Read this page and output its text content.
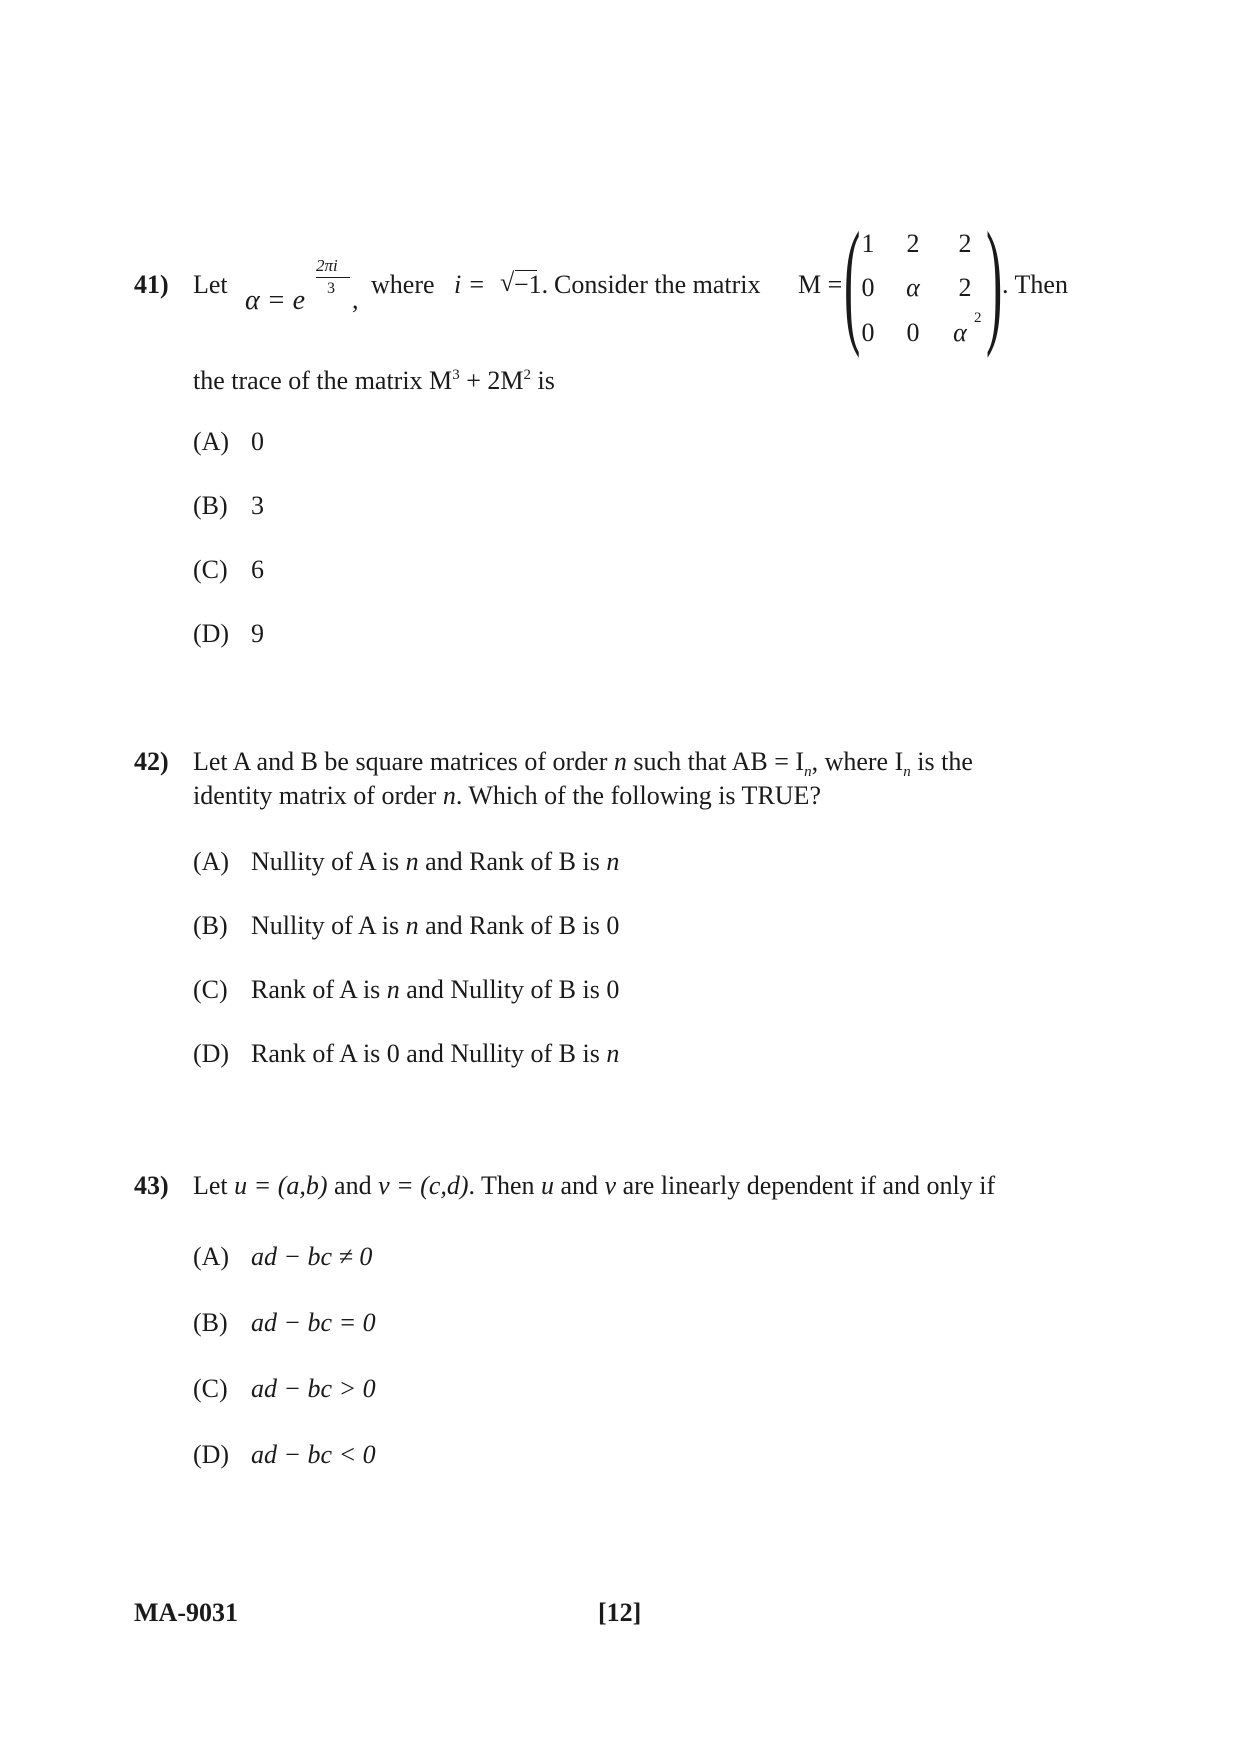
41) Let
α = e
2πi
3 ,
where i = √ −1. Consider the matrix M = ( )
1	2	2
0	α	2
0	0	α 2
. Then
the trace of the matrix $M^3 + 2M^2$ is
(A) 0
(B) 3
(C) 6
(D) 9
42) Let A and B be square matrices of order n such that AB = $I_n$, where $I_n$ is the
identity matrix of order n. Which of the following is TRUE?
(A) Nullity of A is n and Rank of B is n
(B) Nullity of A is n and Rank of B is 0
(C) Rank of A is n and Nullity of B is 0
(D) Rank of A is 0 and Nullity of B is n
43) Let u = (a,b) and v = (c,d). Then u and v are linearly dependent if and only if
(A) ad − bc ≠ 0
(B) ad − bc = 0
(C) ad − bc > 0
(D) ad − bc < 0
MA-9031	[12]
